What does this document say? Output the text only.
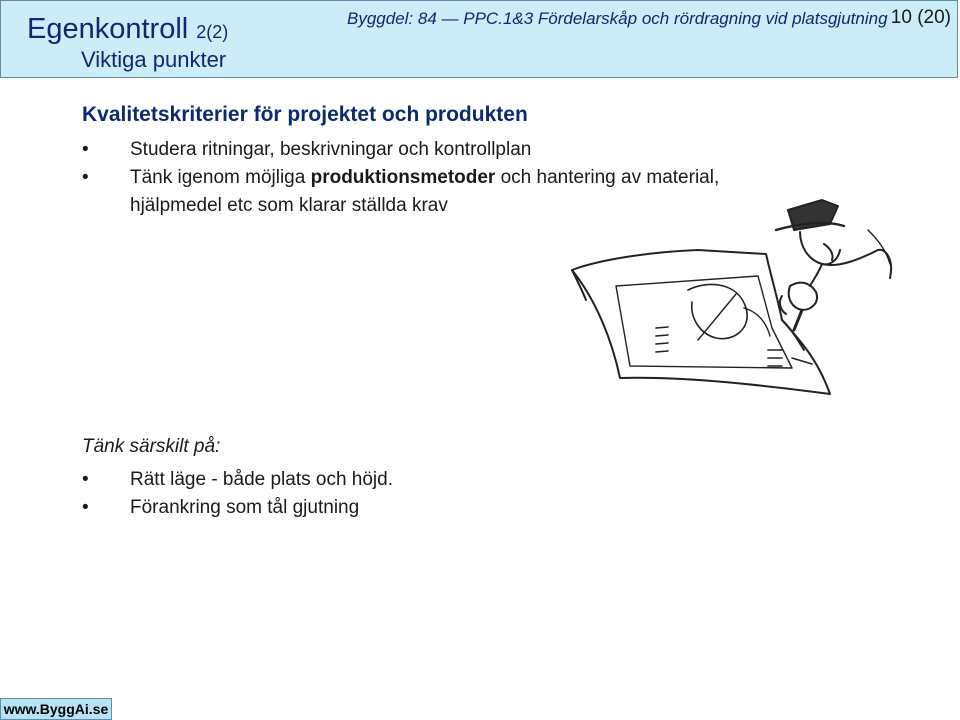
Egenkontroll 2(2)
Viktiga punkter
Byggdel: 84 — PPC.1&3 Fördelarskåp och rördragning vid platsgjutning 10 (20)
Kvalitetskriterier för projektet och produkten
• Studera ritningar, beskrivningar och kontrollplan
• Tänk igenom möjliga produktionsmetoder och hantering av material,
hjälpmedel etc som klarar ställda krav
Tänk särskilt på:
• Rätt läge - både plats och höjd.
• Förankring som tål gjutning
www.ByggAi.se
